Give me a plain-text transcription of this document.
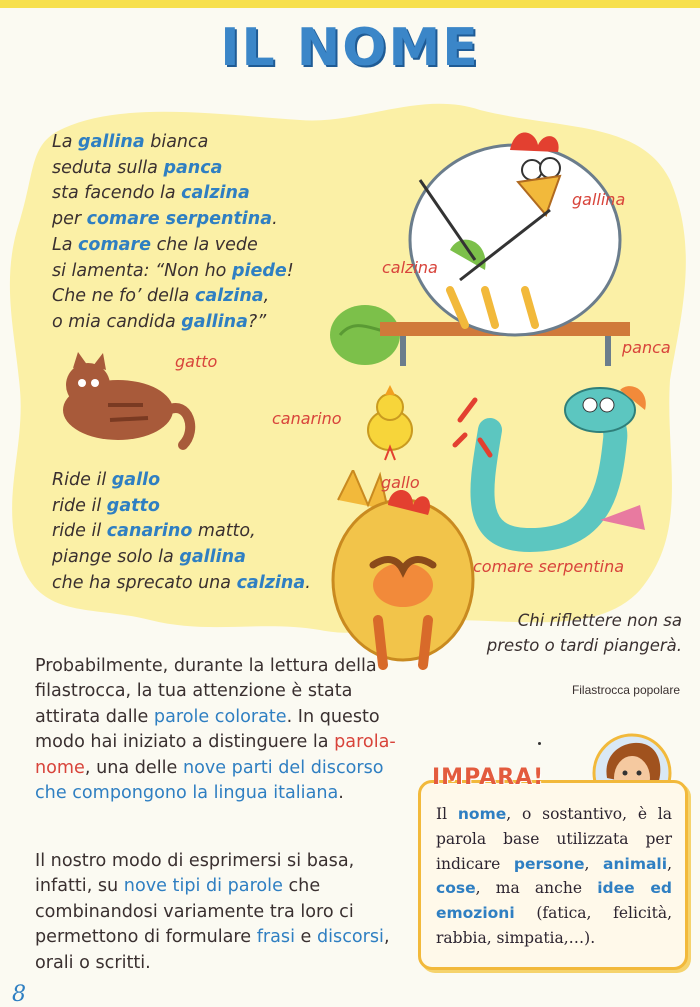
IL NOME
La gallina bianca
seduta sulla panca
sta facendo la calzina
per comare serpentina.
La comare che la vede
si lamenta: “Non ho piede!
Che ne fo’ della calzina,
o mia candida gallina?”
Ride il gallo
ride il gatto
ride il canarino matto,
piange solo la gallina
che ha sprecato una calzina.
gallina
calzina
panca
gatto
canarino
gallo
comare serpentina
Chi riflettere non sa
presto o tardi piangerà.
Filastrocca popolare
Probabilmente, durante la lettura della filastrocca, la tua attenzione è stata attirata dalle parole colorate. In questo modo hai iniziato a distinguere la parola-nome, una delle nove parti del discorso che compongono la lingua italiana.
Il nostro modo di esprimersi si basa, infatti, su nove tipi di parole che combinandosi variamente tra loro ci permettono di formulare frasi e discorsi, orali o scritti.
IMPARA!
Il nome, o sostantivo, è la parola base utilizzata per indicare persone, animali, cose, ma anche idee ed emozioni (fatica, felicità, rabbia, simpatia,…).
8
